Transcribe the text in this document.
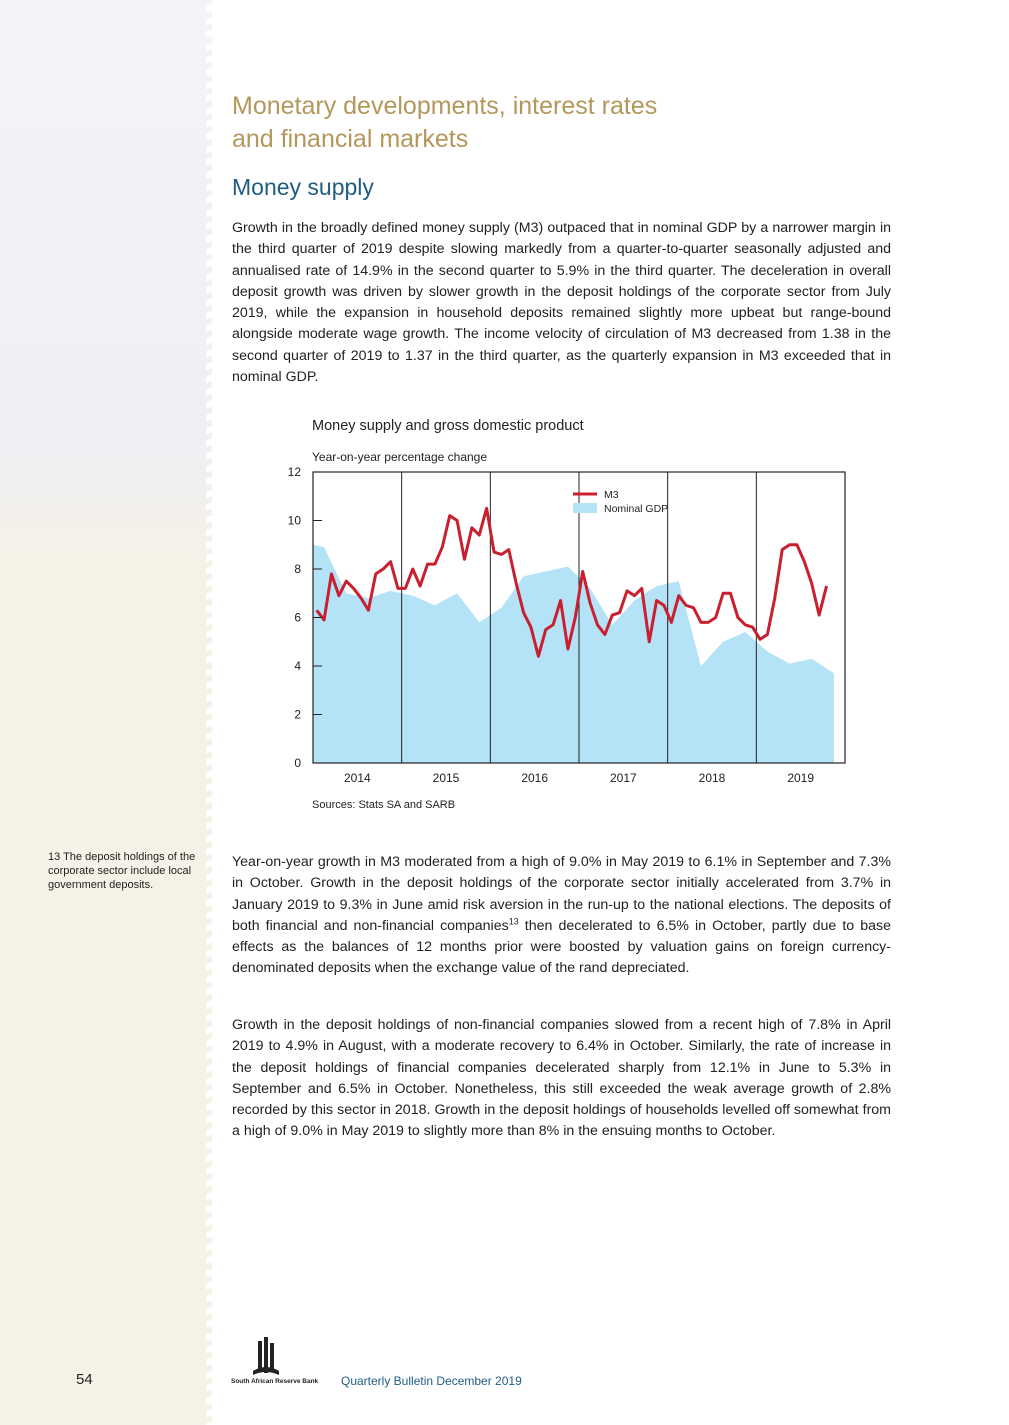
Monetary developments, interest rates
and financial markets
Money supply

Growth in the broadly defined money supply (M3) outpaced that in nominal GDP by a narrower margin in the third quarter of 2019 despite slowing markedly from a quarter-to-quarter seasonally adjusted and annualised rate of 14.9% in the second quarter to 5.9% in the third quarter. The deceleration in overall deposit growth was driven by slower growth in the deposit holdings of the corporate sector from July 2019, while the expansion in household deposits remained slightly more upbeat but range-bound alongside moderate wage growth. The income velocity of circulation of M3 decreased from 1.38 in the second quarter of 2019 to 1.37 in the third quarter, as the quarterly expansion in M3 exceeded that in nominal GDP.

Money supply and gross domestic product
Year-on-year percentage change
0
2
4
6
8
10
12
2014	2015	2016	2017	2018	2019
M3
Nominal GDP
Sources: Stats SA and SARB
13 The deposit holdings of the corporate sector include local government deposits.

Year-on-year growth in M3 moderated from a high of 9.0% in May 2019 to 6.1% in September and 7.3% in October. Growth in the deposit holdings of the corporate sector initially accelerated from 3.7% in January 2019 to 9.3% in June amid risk aversion in the run-up to the national elections. The deposits of both financial and non-financial companies$^{13}$ then decelerated to 6.5% in October, partly due to base effects as the balances of 12 months prior were boosted by valuation gains on foreign currency-denominated deposits when the exchange value of the rand depreciated.

Growth in the deposit holdings of non-financial companies slowed from a recent high of 7.8% in April 2019 to 4.9% in August, with a moderate recovery to 6.4% in October. Similarly, the rate of increase in the deposit holdings of financial companies decelerated sharply from 12.1% in June to 5.3% in September and 6.5% in October. Nonetheless, this still exceeded the weak average growth of 2.8% recorded by this sector in 2018. Growth in the deposit holdings of households levelled off somewhat from a high of 9.0% in May 2019 to slightly more than 8% in the ensuing months to October.

54	South African Reserve Bank Quarterly Bulletin December 2019
